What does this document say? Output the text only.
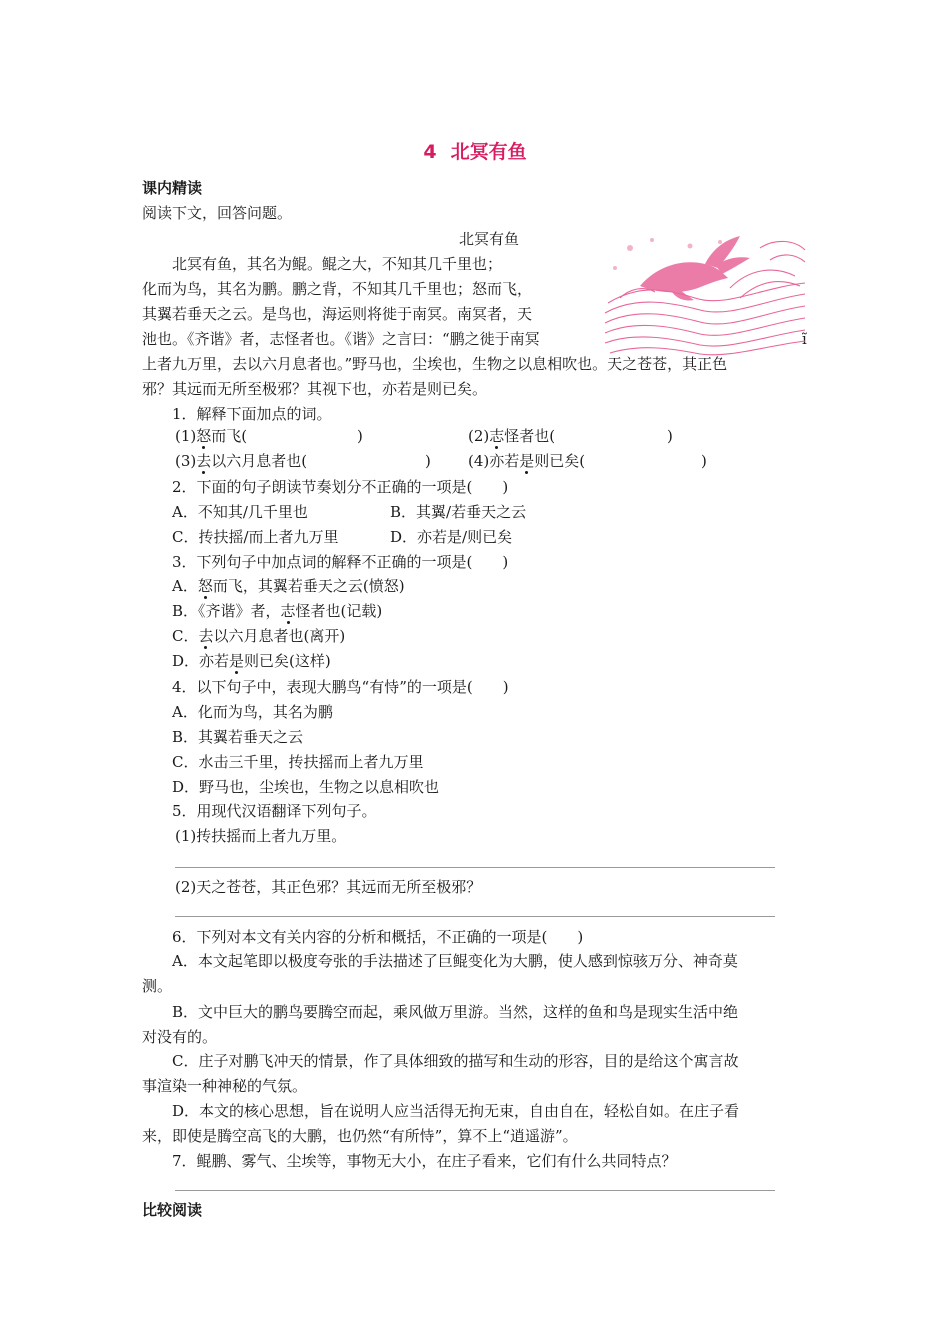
4 北冥有鱼
课内精读
阅读下文，回答问题。
北冥有鱼
北冥有鱼，其名为鲲。鲲之大，不知其几千里也；
化而为鸟，其名为鹏。鹏之背，不知其几千里也；怒而飞，
其翼若垂天之云。是鸟也，海运则将徙于南冥。南冥者，天
池也。《齐谐》者，志怪者也。《谐》之言曰：“鹏之徙于南冥	ĩ
上者九万里，去以六月息者也。”野马也，尘埃也，生物之以息相吹也。天之苍苍，其正色
邪？其远而无所至极邪？其视下也，亦若是则已矣。
1．解释下面加点的词。
(1)怒而飞(	)	(2)志怪者也(	)
(3)去以六月息者也(	) (4)亦若是则已矣(	)
2．下面的句子朗读节奏划分不正确的一项是(　　)
A．不知其/几千里也	B．其翼/若垂天之云
C．抟扶摇/而上者九万里	D．亦若是/则已矣
3．下列句子中加点词的解释不正确的一项是(　　)
A．怒而飞，其翼若垂天之云(愤怒)
B．《齐谐》者，志怪者也(记载)
C．去以六月息者也(离开)
D．亦若是则已矣(这样)
4．以下句子中，表现大鹏鸟“有恃”的一项是(　　)
A．化而为鸟，其名为鹏
B．其翼若垂天之云
C．水击三千里，抟扶摇而上者九万里
D．野马也，尘埃也，生物之以息相吹也
5．用现代汉语翻译下列句子。
(1)抟扶摇而上者九万里。
(2)天之苍苍，其正色邪？其远而无所至极邪？
6．下列对本文有关内容的分析和概括，不正确的一项是(　　)
A．本文起笔即以极度夸张的手法描述了巨鲲变化为大鹏，使人感到惊骇万分、神奇莫
测。
B．文中巨大的鹏鸟要腾空而起，乘风做万里游。当然，这样的鱼和鸟是现实生活中绝
对没有的。
C．庄子对鹏飞冲天的情景，作了具体细致的描写和生动的形容，目的是给这个寓言故
事渲染一种神秘的气氛。
D．本文的核心思想，旨在说明人应当活得无拘无束，自由自在，轻松自如。在庄子看
来，即使是腾空高飞的大鹏，也仍然“有所恃”，算不上“逍遥游”。
7．鲲鹏、雾气、尘埃等，事物无大小，在庄子看来，它们有什么共同特点？
比较阅读
